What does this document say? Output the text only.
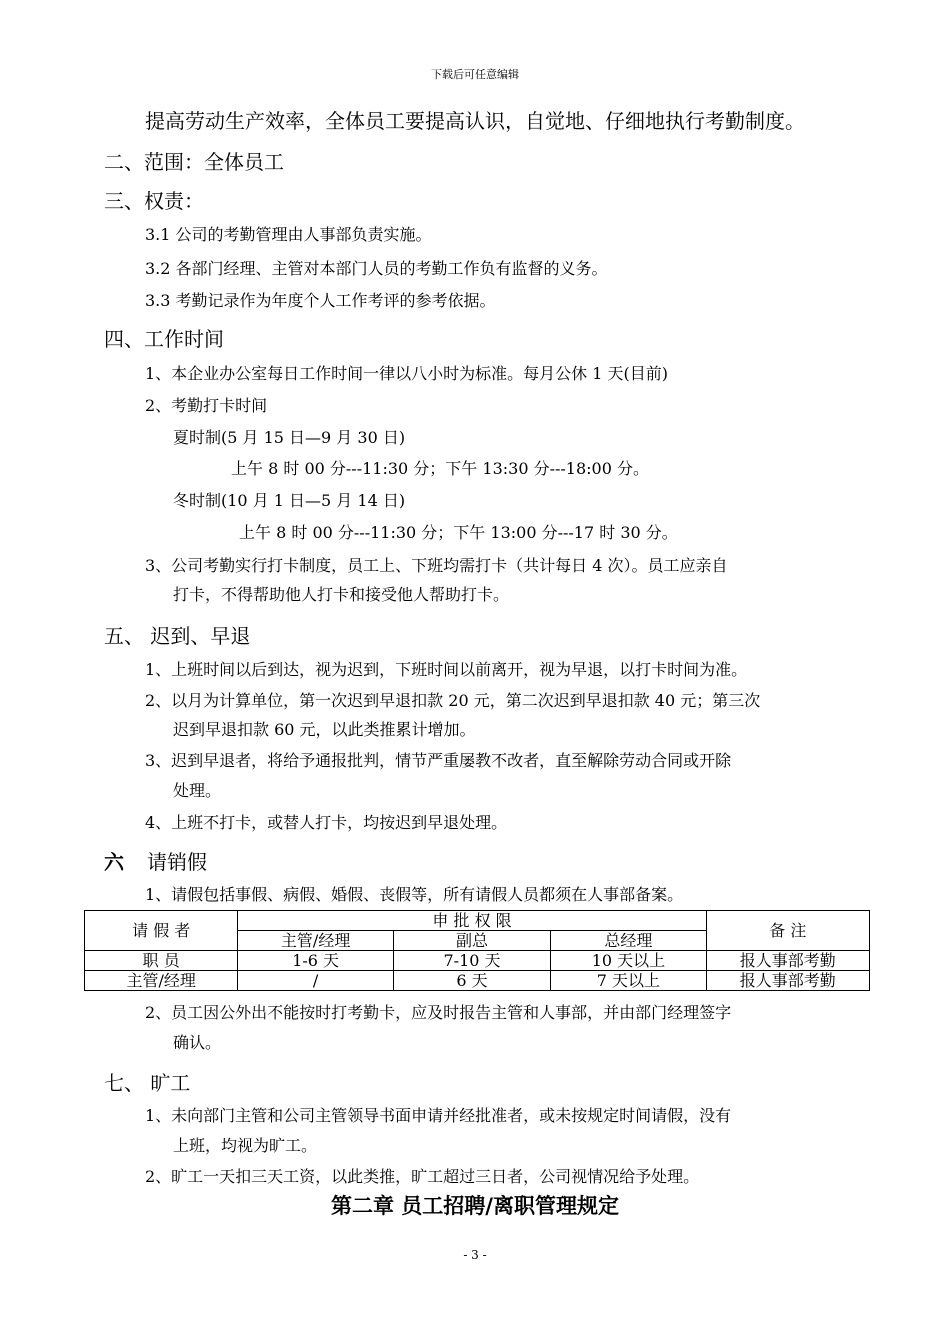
下载后可任意编辑
提高劳动生产效率，全体员工要提高认识，自觉地、仔细地执行考勤制度。
二、范围：全体员工
三、权责：
3.1 公司的考勤管理由人事部负责实施。
3.2 各部门经理、主管对本部门人员的考勤工作负有监督的义务。
3.3 考勤记录作为年度个人工作考评的参考依据。
四、工作时间
1、本企业办公室每日工作时间一律以八小时为标准。每月公休 1 天(目前)
2、考勤打卡时间
夏时制(5 月 15 日—9 月 30 日)
上午 8 时 00 分---11:30 分；下午 13:30 分---18:00 分。
冬时制(10 月 1 日—5 月 14 日)
上午 8 时 00 分---11:30 分；下午 13:00 分---17 时 30 分。
3、公司考勤实行打卡制度，员工上、下班均需打卡（共计每日 4 次）。员工应亲自
打卡，不得帮助他人打卡和接受他人帮助打卡。
五、 迟到、早退
1、上班时间以后到达，视为迟到，下班时间以前离开，视为早退，以打卡时间为准。
2、以月为计算单位，第一次迟到早退扣款 20 元，第二次迟到早退扣款 40 元；第三次
迟到早退扣款 60 元，以此类推累计增加。
3、迟到早退者，将给予通报批判，情节严重屡教不改者，直至解除劳动合同或开除
处理。
4、上班不打卡，或替人打卡，均按迟到早退处理。
六 请销假
1、请假包括事假、病假、婚假、丧假等，所有请假人员都须在人事部备案。
请 假 者	申 批 权 限			备 注
	主管/经理	副总	总经理	
职 员	1-6 天	7-10 天	10 天以上	报人事部考勤
主管/经理	/	6 天	7 天以上	报人事部考勤
2、员工因公外出不能按时打考勤卡，应及时报告主管和人事部，并由部门经理签字
确认。
七、 旷工
1、未向部门主管和公司主管领导书面申请并经批准者，或未按规定时间请假，没有
上班，均视为旷工。
2、旷工一天扣三天工资，以此类推，旷工超过三日者，公司视情况给予处理。
第二章 员工招聘/离职管理规定
- 3 -
